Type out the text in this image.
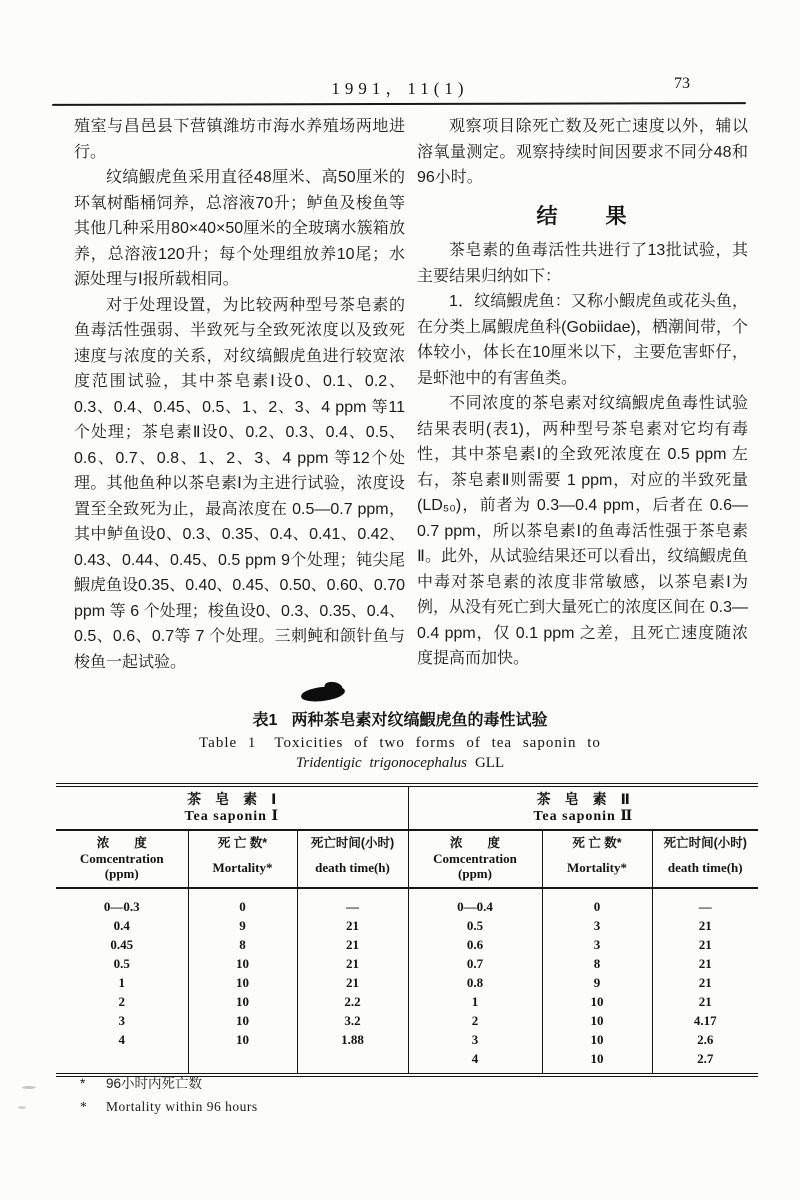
1991，11(1)	73

殖室与昌邑县下营镇潍坊市海水养殖场两地进行。

纹缟鰕虎鱼采用直径48厘米、高50厘米的环氧树酯桶饲养，总溶液70升；鲈鱼及梭鱼等其他几种采用80×40×50厘米的全玻璃水簇箱放养，总溶液120升；每个处理组放养10尾；水源处理与Ⅰ报所载相同。

对于处理设置，为比较两种型号茶皂素的鱼毒活性强弱、半致死与全致死浓度以及致死速度与浓度的关系，对纹缟鰕虎鱼进行较宽浓度范围试验，其中茶皂素Ⅰ设0、0.1、0.2、0.3、0.4、0.45、0.5、1、2、3、4 ppm 等11个处理；茶皂素Ⅱ设0、0.2、0.3、0.4、0.5、0.6、0.7、0.8、1、2、3、4 ppm 等12个处理。其他鱼种以茶皂素Ⅰ为主进行试验，浓度设置至全致死为止，最高浓度在 0.5—0.7 ppm，其中鲈鱼设0、0.3、0.35、0.4、0.41、0.42、0.43、0.44、0.45、0.5 ppm 9个处理；钝尖尾鰕虎鱼设0.35、0.40、0.45、0.50、0.60、0.70 ppm 等 6 个处理；梭鱼设0、0.3、0.35、0.4、0.5、0.6、0.7等 7 个处理。三刺鲀和颌针鱼与梭鱼一起试验。

观察项目除死亡数及死亡速度以外，辅以溶氧量测定。观察持续时间因要求不同分48和96小时。

结　　果

茶皂素的鱼毒活性共进行了13批试验，其主要结果归纳如下：

1．纹缟鰕虎鱼：又称小鰕虎鱼或花头鱼，在分类上属鰕虎鱼科(Gobiidae)，栖潮间带，个体较小，体长在10厘米以下，主要危害虾仔，是虾池中的有害鱼类。

不同浓度的茶皂素对纹缟鰕虎鱼毒性试验结果表明(表1)，两种型号茶皂素对它均有毒性，其中茶皂素Ⅰ的全致死浓度在 0.5 ppm 左右，茶皂素Ⅱ则需要 1 ppm，对应的半致死量(LD₅₀)，前者为 0.3—0.4 ppm，后者在 0.6—0.7 ppm，所以茶皂素Ⅰ的鱼毒活性强于茶皂素Ⅱ。此外，从试验结果还可以看出，纹缟鰕虎鱼中毒对茶皂素的浓度非常敏感，以茶皂素Ⅰ为例，从没有死亡到大量死亡的浓度区间在 0.3—0.4 ppm，仅 0.1 ppm 之差，且死亡速度随浓度提高而加快。

表1 两种茶皂素对纹缟鰕虎鱼的毒性试验
Table 1 Toxicities of two forms of tea saponin to
Tridentigic trigonocephalus GLL
茶　皂　素　Ⅰ
Tea saponin Ⅰ

茶　皂　素　Ⅱ
Tea saponin Ⅱ

浓　　度
Comcentration
(ppm)

死 亡 数*
Mortality*

死亡时间(小时)
death time(h)

浓　　度
Comcentration
(ppm)

死 亡 数*
Mortality*

死亡时间(小时)
death time(h)

0—0.3	0	—	0—0.4	0	—
0.4	9	21	0.5	3	21
0.45	8	21	0.6	3	21
0.5	10	21	0.7	8	21
1	10	21	0.8	9	21
2	10	2.2	1	10	21
3	10	3.2	2	10	4.17
4	10	1.88	3	10	2.6
			4	10	2.7
* 96小时内死亡数
* Mortality within 96 hours
